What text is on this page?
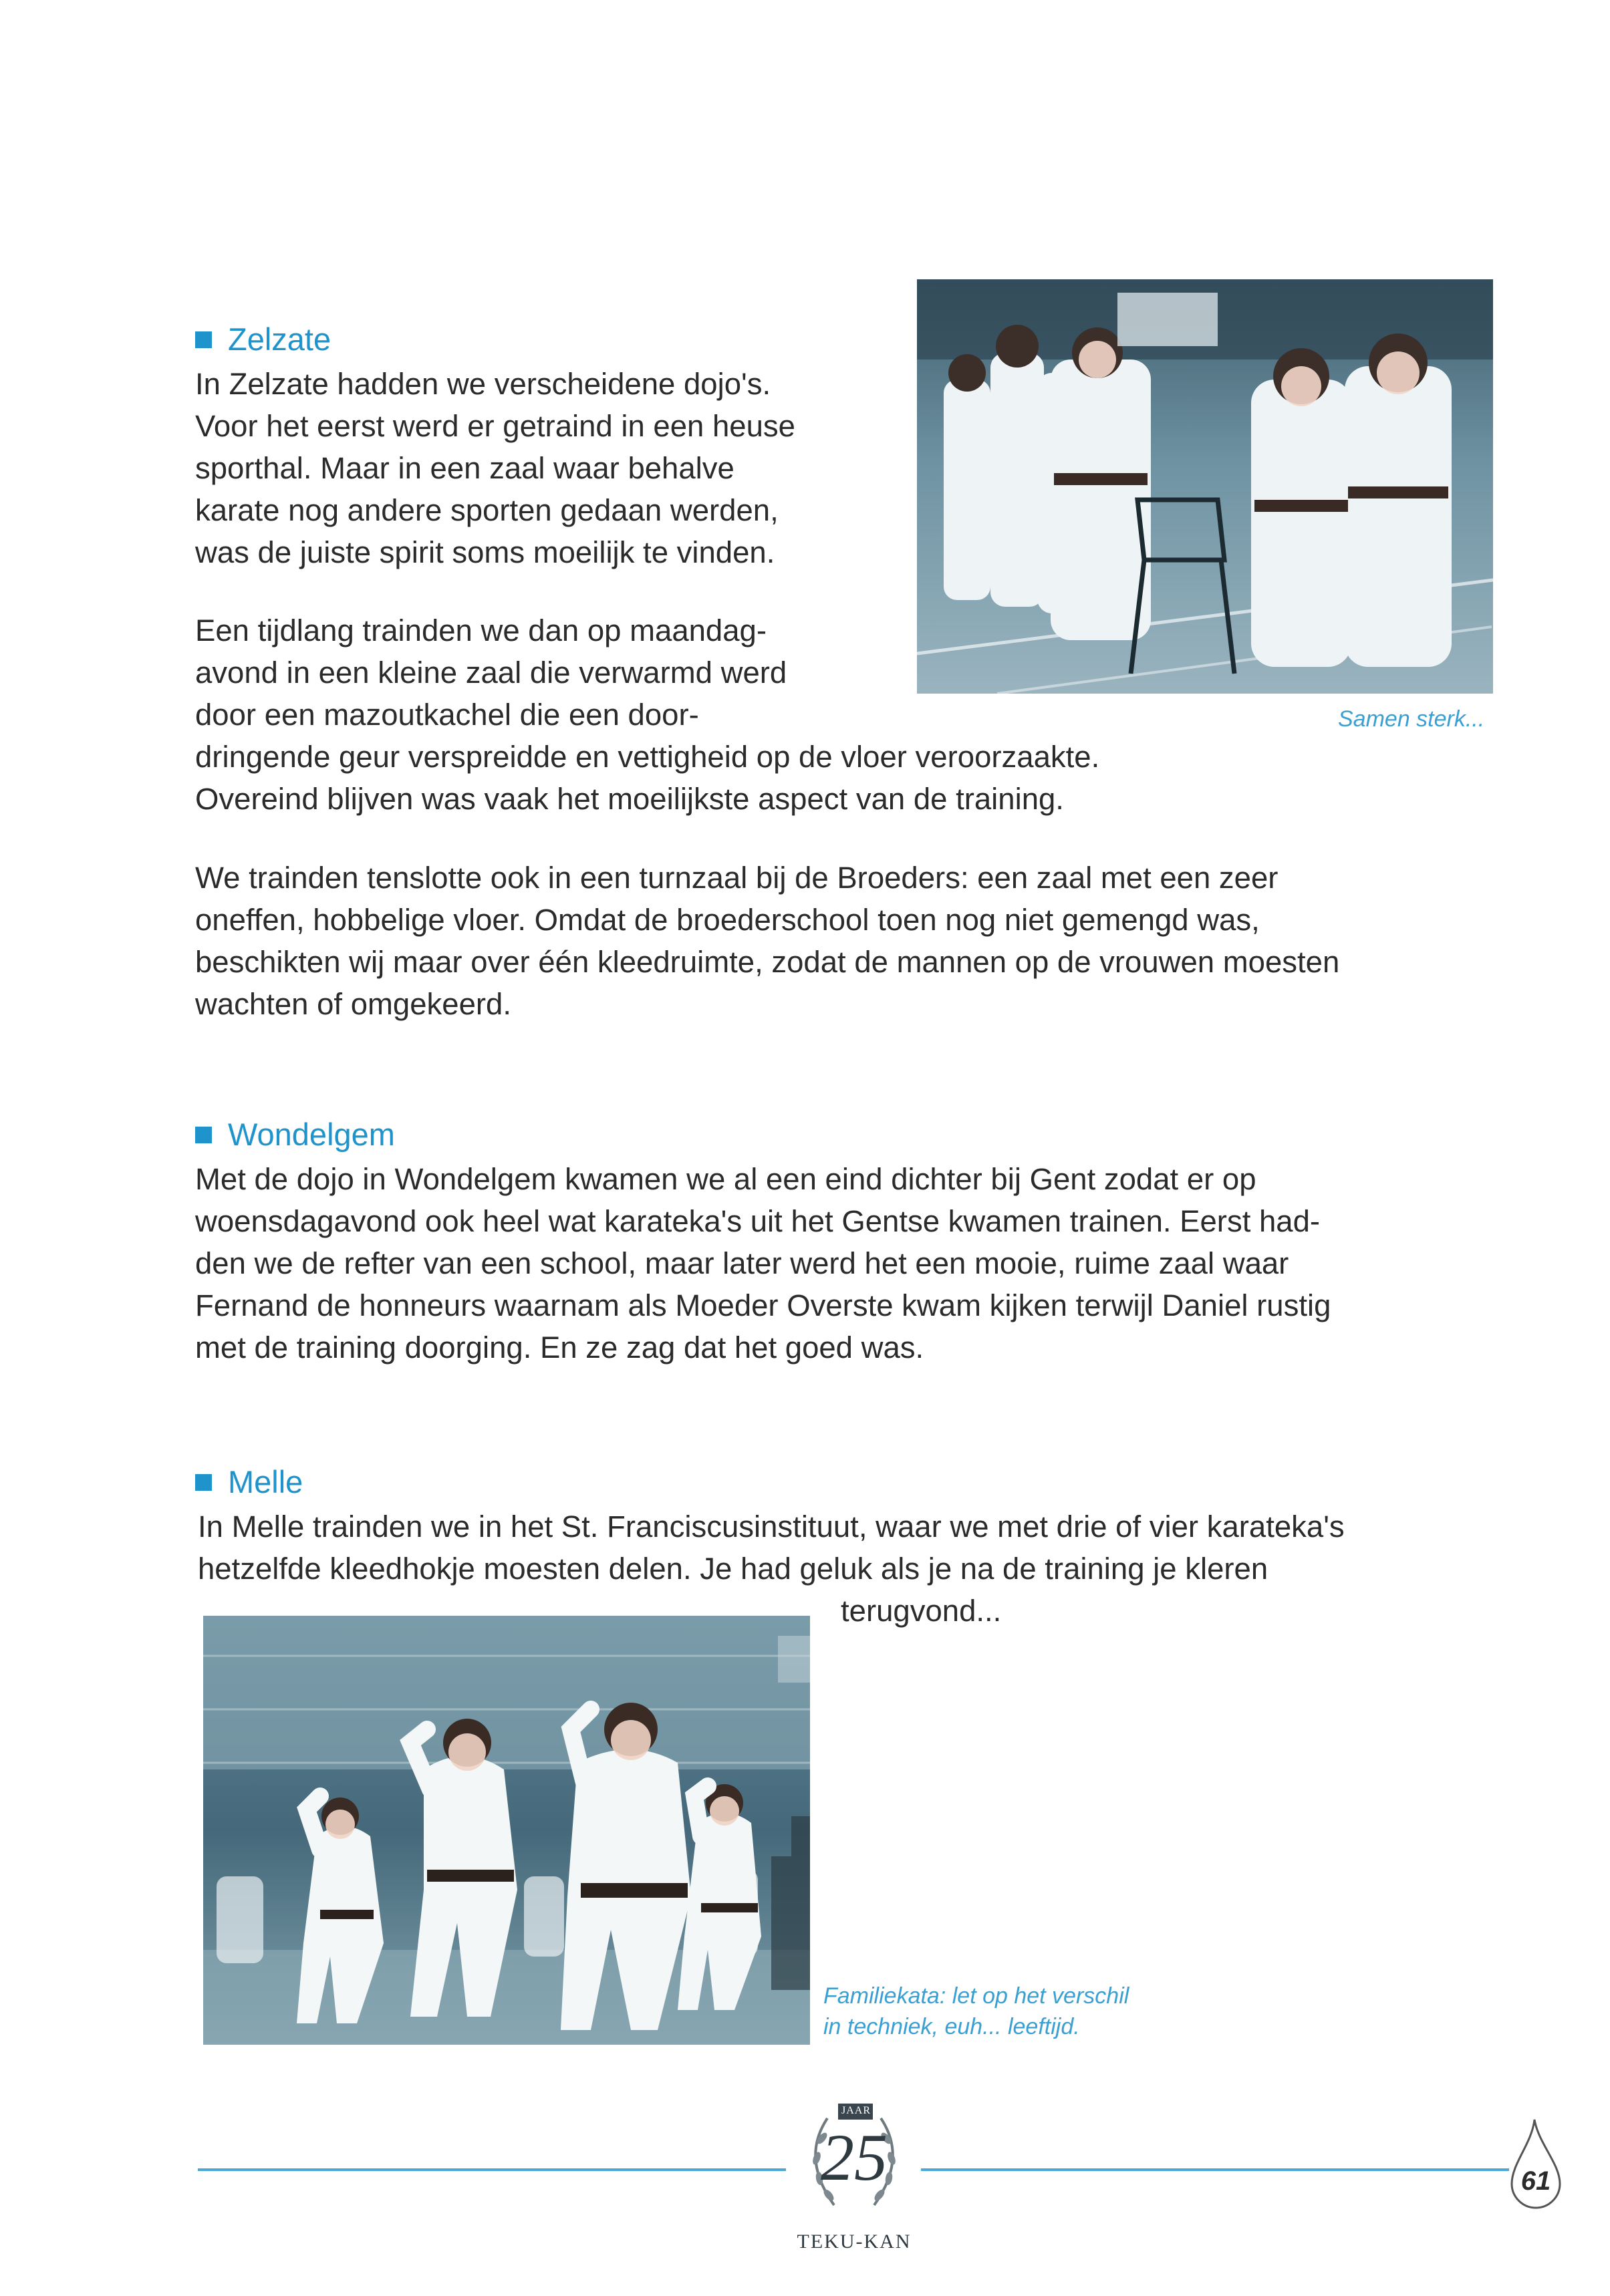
Zelzate
In Zelzate hadden we verscheidene dojo's.
Voor het eerst werd er getraind in een heuse
sporthal. Maar in een zaal waar behalve
karate nog andere sporten gedaan werden,
was de juiste spirit soms moeilijk te vinden.
Een tijdlang trainden we dan op maandag-
avond in een kleine zaal die verwarmd werd
door een mazoutkachel die een door-
dringende geur verspreidde en vettigheid op de vloer veroorzaakte.
Overeind blijven was vaak het moeilijkste aspect van de training.
We trainden tenslotte ook in een turnzaal bij de Broeders: een zaal met een zeer
oneffen, hobbelige vloer. Omdat de broederschool toen nog niet gemengd was,
beschikten wij maar over één kleedruimte, zodat de mannen op de vrouwen moesten
wachten of omgekeerd.
Samen sterk...
Wondelgem
Met de dojo in Wondelgem kwamen we al een eind dichter bij Gent zodat er op
woensdagavond ook heel wat karateka's uit het Gentse kwamen trainen. Eerst had-
den we de refter van een school, maar later werd het een mooie, ruime zaal waar
Fernand de honneurs waarnam als Moeder Overste kwam kijken terwijl Daniel rustig
met de training doorging. En ze zag dat het goed was.
Melle
In Melle trainden we in het St. Franciscusinstituut, waar we met drie of vier karateka's
hetzelfde kleedhokje moesten delen. Je had geluk als je na de training je kleren
terugvond...
Familiekata: let op het verschil
in techniek, euh... leeftijd.
JAAR
25
TEKU-KAN
61
